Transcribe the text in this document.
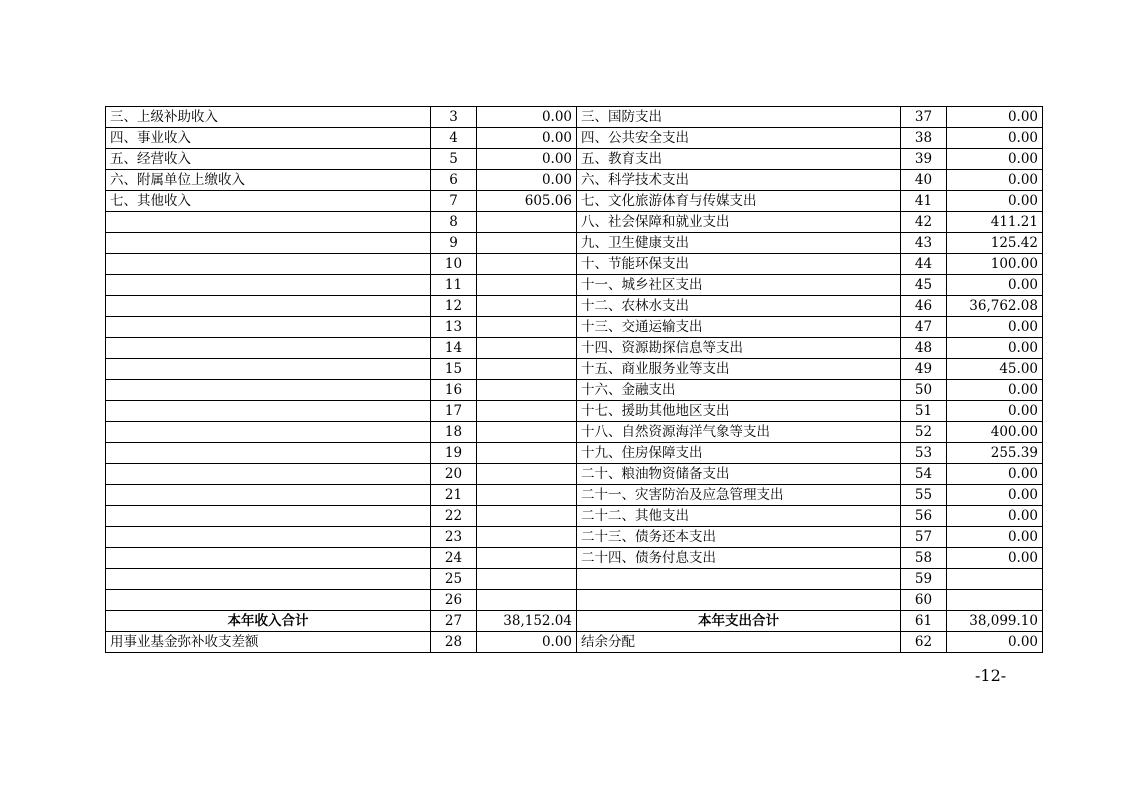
三、上级补助收入	3	0.00	三、国防支出	37	0.00
四、事业收入	4	0.00	四、公共安全支出	38	0.00
五、经营收入	5	0.00	五、教育支出	39	0.00
六、附属单位上缴收入	6	0.00	六、科学技术支出	40	0.00
七、其他收入	7	605.06	七、文化旅游体育与传媒支出	41	0.00
	8		八、社会保障和就业支出	42	411.21
	9		九、卫生健康支出	43	125.42
	10		十、节能环保支出	44	100.00
	11		十一、城乡社区支出	45	0.00
	12		十二、农林水支出	46	36,762.08
	13		十三、交通运输支出	47	0.00
	14		十四、资源勘探信息等支出	48	0.00
	15		十五、商业服务业等支出	49	45.00
	16		十六、金融支出	50	0.00
	17		十七、援助其他地区支出	51	0.00
	18		十八、自然资源海洋气象等支出	52	400.00
	19		十九、住房保障支出	53	255.39
	20		二十、粮油物资储备支出	54	0.00
	21		二十一、灾害防治及应急管理支出	55	0.00
	22		二十二、其他支出	56	0.00
	23		二十三、债务还本支出	57	0.00
	24		二十四、债务付息支出	58	0.00
	25			59	
	26			60	
本年收入合计	27	38,152.04	本年支出合计	61	38,099.10
用事业基金弥补收支差额	28	0.00	结余分配	62	0.00
-12-
